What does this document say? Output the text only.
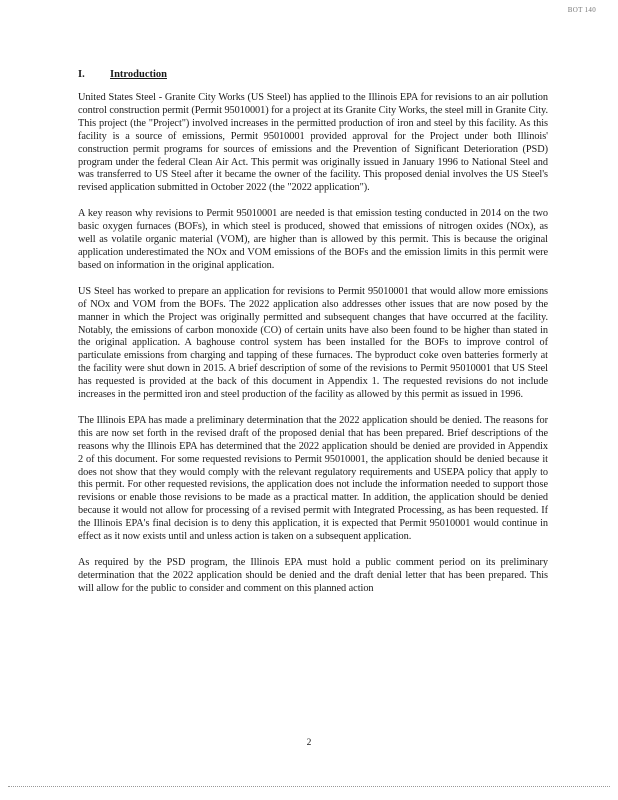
BOT 140
I. Introduction

United States Steel - Granite City Works (US Steel) has applied to the Illinois EPA for revisions to an air pollution control construction permit (Permit 95010001) for a project at its Granite City Works, the steel mill in Granite City. This project (the "Project") involved increases in the permitted production of iron and steel by this facility. As this facility is a source of emissions, Permit 95010001 provided approval for the Project under both Illinois' construction permit programs for sources of emissions and the Prevention of Significant Deterioration (PSD) program under the federal Clean Air Act. This permit was originally issued in January 1996 to National Steel and was transferred to US Steel after it became the owner of the facility. This proposed denial involves the US Steel's revised application submitted in October 2022 (the "2022 application").

A key reason why revisions to Permit 95010001 are needed is that emission testing conducted in 2014 on the two basic oxygen furnaces (BOFs), in which steel is produced, showed that emissions of nitrogen oxides (NOx), as well as volatile organic material (VOM), are higher than is allowed by this permit. This is because the original application underestimated the NOx and VOM emissions of the BOFs and the emission limits in this permit were based on information in the original application.

US Steel has worked to prepare an application for revisions to Permit 95010001 that would allow more emissions of NOx and VOM from the BOFs. The 2022 application also addresses other issues that are now posed by the manner in which the Project was originally permitted and subsequent changes that have occurred at the facility. Notably, the emissions of carbon monoxide (CO) of certain units have also been found to be higher than stated in the original application. A baghouse control system has been installed for the BOFs to improve control of particulate emissions from charging and tapping of these furnaces. The byproduct coke oven batteries formerly at the facility were shut down in 2015. A brief description of some of the revisions to Permit 95010001 that US Steel has requested is provided at the back of this document in Appendix 1. The requested revisions do not include increases in the permitted iron and steel production of the facility as allowed by this permit as issued in 1996.

The Illinois EPA has made a preliminary determination that the 2022 application should be denied. The reasons for this are now set forth in the revised draft of the proposed denial that has been prepared. Brief descriptions of the reasons why the Illinois EPA has determined that the 2022 application should be denied are provided in Appendix 2 of this document. For some requested revisions to Permit 95010001, the application should be denied because it does not show that they would comply with the relevant regulatory requirements and USEPA policy that apply to this permit. For other requested revisions, the application does not include the information needed to support those revisions or enable those revisions to be made as a practical matter. In addition, the application should be denied because it would not allow for processing of a revised permit with Integrated Processing, as has been requested. If the Illinois EPA's final decision is to deny this application, it is expected that Permit 95010001 would continue in effect as it now exists until and unless action is taken on a subsequent application.

As required by the PSD program, the Illinois EPA must hold a public comment period on its preliminary determination that the 2022 application should be denied and the draft denial letter that has been prepared. This will allow for the public to consider and comment on this planned action

2
